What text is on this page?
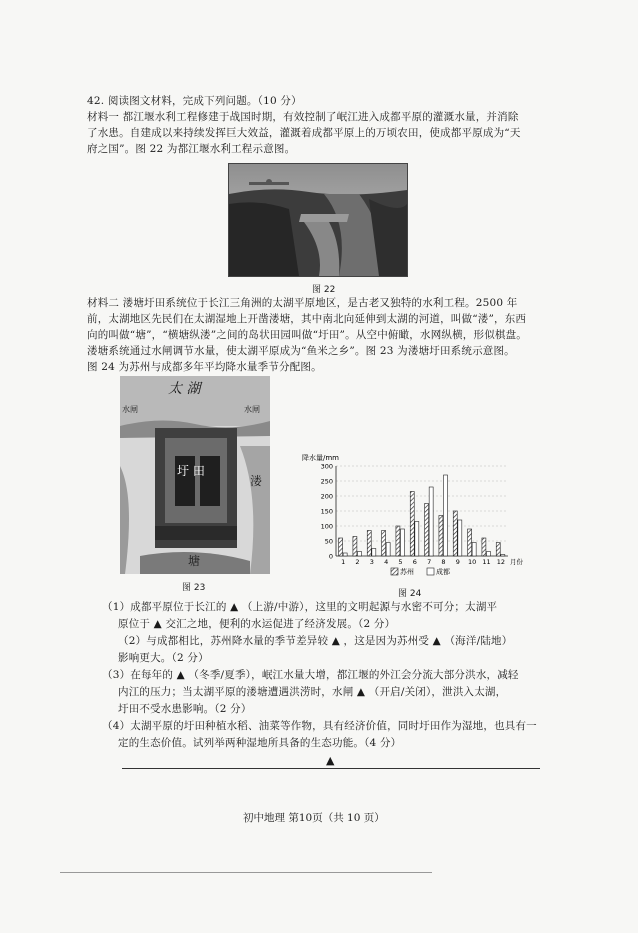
42. 阅读图文材料，完成下列问题。（10 分）
材料一 都江堰水利工程修建于战国时期，有效控制了岷江进入成都平原的灌溉水量，并消除
了水患。自建成以来持续发挥巨大效益，灌溉着成都平原上的万顷农田，使成都平原成为“天
府之国”。图 22 为都江堰水利工程示意图。
图 22
材料二 溇塘圩田系统位于长江三角洲的太湖平原地区，是古老又独特的水利工程。2500 年
前，太湖地区先民们在太湖湿地上开凿溇塘，其中南北向延伸到太湖的河道，叫做“溇”，东西
向的叫做“塘”，“横塘纵溇”之间的岛状田园叫做“圩田”。从空中俯瞰，水网纵横，形似棋盘。
溇塘系统通过水闸调节水量，使太湖平原成为“鱼米之乡”。图 23 为溇塘圩田系统示意图。
图 24 为苏州与成都多年平均降水量季节分配图。
太 湖
水闸	水闸
圩 田
溇
塘
图 23
降水量/mm
0
50
100
150
200
250
300
1 2 3 4 5 6 7 8 9 10 11 12 月份
苏州	成都
图 24
（1）成都平原位于长江的 ▲ （上游/中游），这里的文明起源与水密不可分；太湖平
原位于 ▲ 交汇之地，便利的水运促进了经济发展。（2 分）
（2）与成都相比，苏州降水量的季节差异较 ▲ ，这是因为苏州受 ▲ （海洋/陆地）
影响更大。（2 分）
（3）在每年的 ▲ （冬季/夏季），岷江水量大增，都江堰的外江会分流大部分洪水，减轻
内江的压力；当太湖平原的溇塘遭遇洪涝时，水闸 ▲ （开启/关闭），泄洪入太湖，
圩田不受水患影响。（2 分）
（4）太湖平原的圩田种植水稻、油菜等作物，具有经济价值，同时圩田作为湿地，也具有一
定的生态价值。试列举两种湿地所具备的生态功能。（4 分）
▲
初中地理 第10页（共 10 页）
